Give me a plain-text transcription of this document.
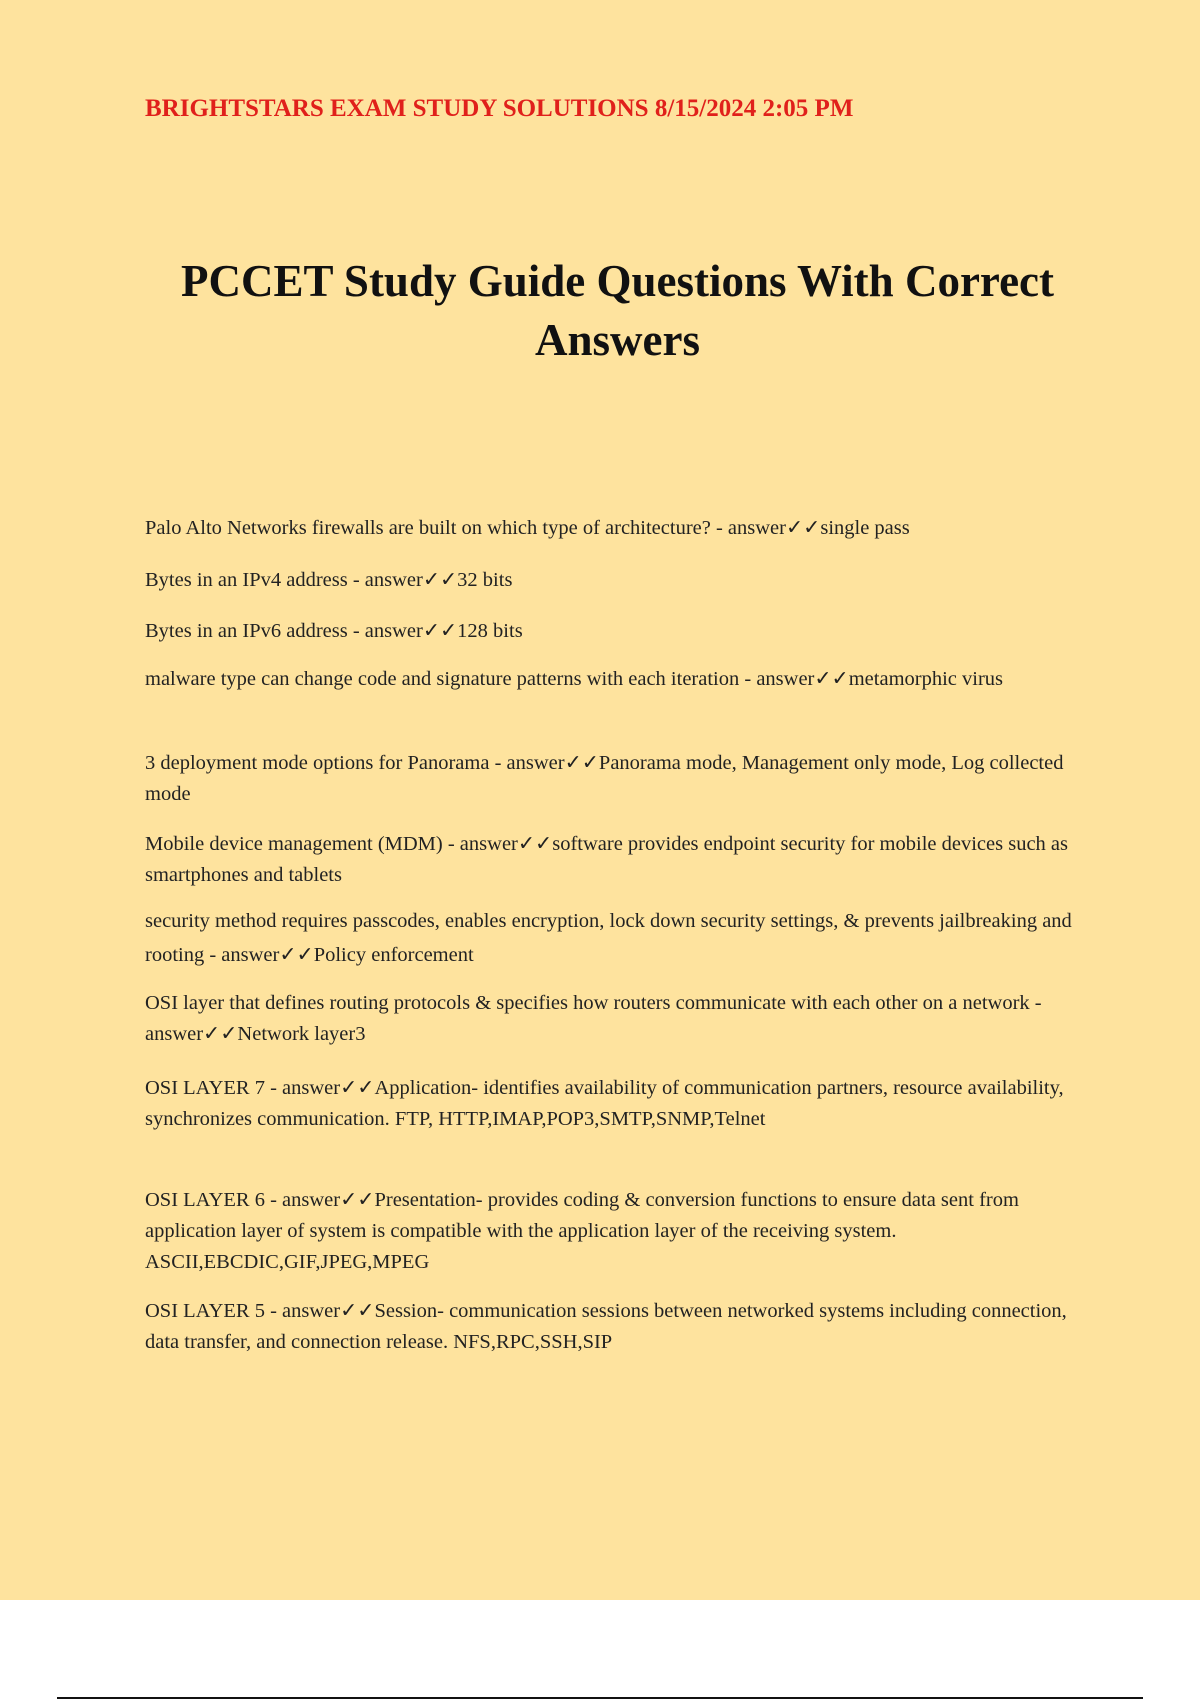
BRIGHTSTARS EXAM STUDY SOLUTIONS 8/15/2024 2:05 PM
PCCET Study Guide Questions With Correct Answers
Palo Alto Networks firewalls are built on which type of architecture? - answer✓✓single pass
Bytes in an IPv4 address - answer✓✓32 bits
Bytes in an IPv6 address - answer✓✓128 bits
malware type can change code and signature patterns with each iteration - answer✓✓metamorphic virus
3 deployment mode options for Panorama - answer✓✓Panorama mode, Management only mode, Log collected mode
Mobile device management (MDM) - answer✓✓software provides endpoint security for mobile devices such as smartphones and tablets
security method requires passcodes, enables encryption, lock down security settings, & prevents jailbreaking and rooting - answer✓✓Policy enforcement
OSI layer that defines routing protocols & specifies how routers communicate with each other on a network - answer✓✓Network layer3
OSI LAYER 7 - answer✓✓Application- identifies availability of communication partners, resource availability, synchronizes communication. FTP, HTTP,IMAP,POP3,SMTP,SNMP,Telnet
OSI LAYER 6 - answer✓✓Presentation- provides coding & conversion functions to ensure data sent from application layer of system is compatible with the application layer of the receiving system. ASCII,EBCDIC,GIF,JPEG,MPEG
OSI LAYER 5 - answer✓✓Session- communication sessions between networked systems including connection, data transfer, and connection release. NFS,RPC,SSH,SIP
